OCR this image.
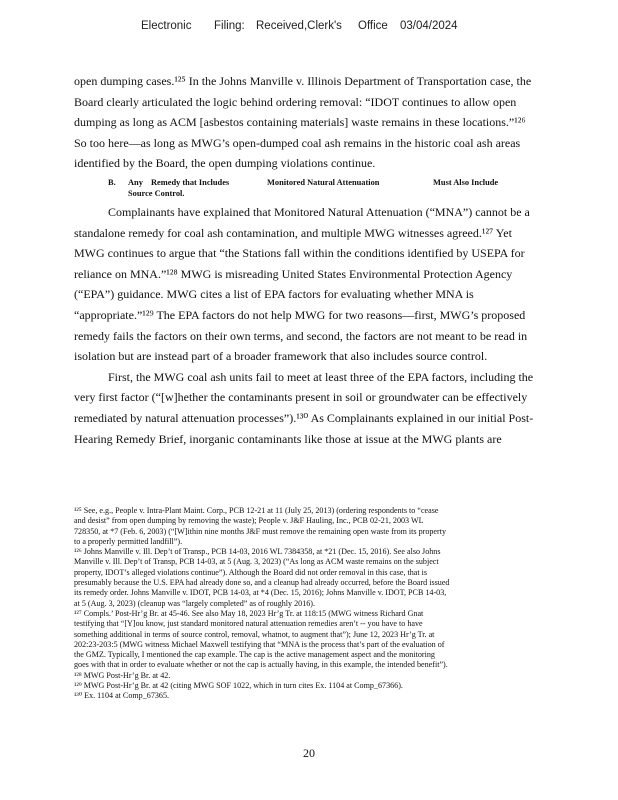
Electronic Filing: Received,Clerk's Office 03/04/2024
open dumping cases.¹²⁵ In the Johns Manville v. Illinois Department of Transportation case, the
Board clearly articulated the logic behind ordering removal: “IDOT continues to allow open
dumping as long as ACM [asbestos containing materials] waste remains in these locations.”¹²⁶
So too here—as long as MWG’s open-dumped coal ash remains in the historic coal ash areas
identified by the Board, the open dumping violations continue.
B. Any
Source Control.
Remedy that Includes	Monitored Natural Attenuation	Must Also Include
Complainants have explained that Monitored Natural Attenuation (“MNA”) cannot be a
standalone remedy for coal ash contamination, and multiple MWG witnesses agreed.¹²⁷ Yet
MWG continues to argue that “the Stations fall within the conditions identified by USEPA for
reliance on MNA.”¹²⁸ MWG is misreading United States Environmental Protection Agency
(“EPA”) guidance. MWG cites a list of EPA factors for evaluating whether MNA is
“appropriate.”¹²⁹ The EPA factors do not help MWG for two reasons—first, MWG’s proposed
remedy fails the factors on their own terms, and second, the factors are not meant to be read in
isolation but are instead part of a broader framework that also includes source control.
First, the MWG coal ash units fail to meet at least three of the EPA factors, including the
very first factor (“[w]hether the contaminants present in soil or groundwater can be effectively
remediated by natural attenuation processes”).¹³⁰ As Complainants explained in our initial Post-
Hearing Remedy Brief, inorganic contaminants like those at issue at the MWG plants are
¹²⁵ See, e.g., People v. Intra-Plant Maint. Corp., PCB 12-21 at 11 (July 25, 2013) (ordering respondents to “cease
and desist” from open dumping by removing the waste); People v. J&F Hauling, Inc., PCB 02-21, 2003 WL
728350, at *7 (Feb. 6, 2003) (“[W]ithin nine months J&F must remove the remaining open waste from its property
to a properly permitted landfill”).
¹²⁶ Johns Manville v. Ill. Dep’t of Transp., PCB 14-03, 2016 WL 7384358, at *21 (Dec. 15, 2016). See also Johns
Manville v. Ill. Dep’t of Transp, PCB 14-03, at 5 (Aug. 3, 2023) (“As long as ACM waste remains on the subject
property, IDOT’s alleged violations continue”). Although the Board did not order removal in this case, that is
presumably because the U.S. EPA had already done so, and a cleanup had already occurred, before the Board issued
its remedy order. Johns Manville v. IDOT, PCB 14-03, at *4 (Dec. 15, 2016); Johns Manville v. IDOT, PCB 14-03,
at 5 (Aug. 3, 2023) (cleanup was “largely completed” as of roughly 2016).
¹²⁷ Compls.’ Post-Hr’g Br. at 45-46. See also May 18, 2023 Hr’g Tr. at 118:15 (MWG witness Richard Gnat
testifying that “[Y]ou know, just standard monitored natural attenuation remedies aren’t -- you have to have
something additional in terms of source control, removal, whatnot, to augment that”); June 12, 2023 Hr’g Tr. at
202:23-203:5 (MWG witness Michael Maxwell testifying that “MNA is the process that’s part of the evaluation of
the GMZ. Typically, I mentioned the cap example. The cap is the active management aspect and the monitoring
goes with that in order to evaluate whether or not the cap is actually having, in this example, the intended benefit”).
¹²⁸ MWG Post-Hr’g Br. at 42.
¹²⁹ MWG Post-Hr’g Br. at 42 (citing MWG SOF 1022, which in turn cites Ex. 1104 at Comp_67366).
¹³⁰ Ex. 1104 at Comp_67365.
20
